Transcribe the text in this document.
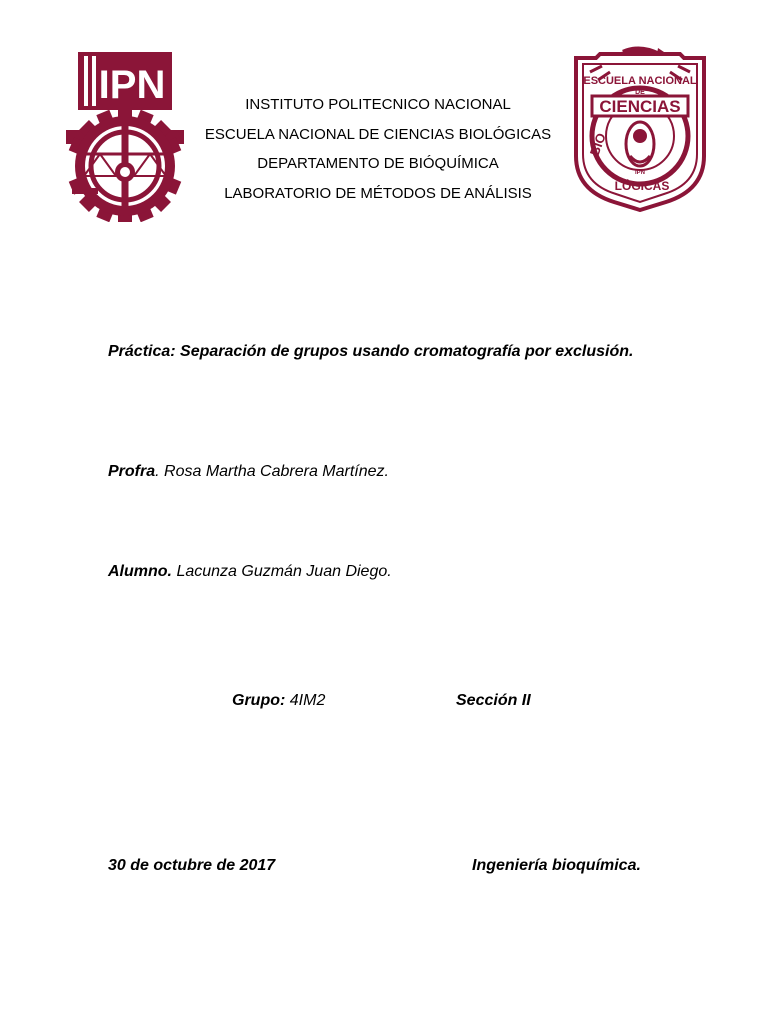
IPN	ESCUELA NACIONAL
DE
CIENCIAS
IPN
BIO
LÓGICAS
INSTITUTO POLITECNICO NACIONAL
ESCUELA NACIONAL DE CIENCIAS BIOLÓGICAS
DEPARTAMENTO DE BIÓQUÍMICA
LABORATORIO DE MÉTODOS DE ANÁLISIS
Práctica: Separación de grupos usando cromatografía por exclusión.
Profra. Rosa Martha Cabrera Martínez.
Alumno. Lacunza Guzmán Juan Diego.
Grupo: 4IM2	Sección II
30 de octubre de 2017	Ingeniería bioquímica.
